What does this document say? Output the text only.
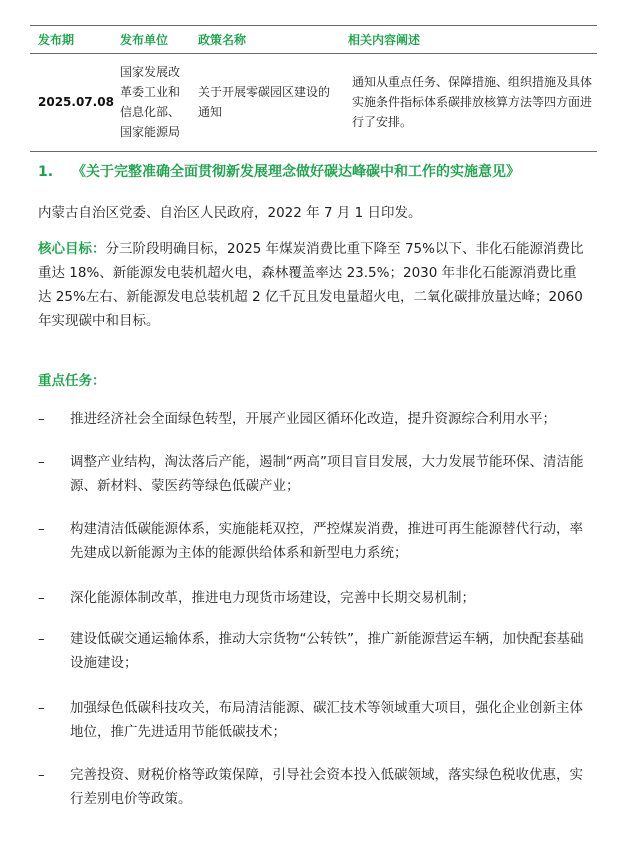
发布期	发布单位	政策名称	相关内容阐述
2025.07.08	国家发展改革委工业和信息化部、国家能源局	关于开展零碳园区建设的通知	通知从重点任务、保障措施、组织措施及具体实施条件指标体系碳排放核算方法等四方面进行了安排。
1. 《关于完整准确全面贯彻新发展理念做好碳达峰碳中和工作的实施意见》

内蒙古自治区党委、自治区人民政府，2022 年 7 月 1 日印发。

核心目标：分三阶段明确目标，2025 年煤炭消费比重下降至 75%以下、非化石能源消费比重达 18%、新能源发电装机超火电，森林覆盖率达 23.5%；2030 年非化石能源消费比重达 25%左右、新能源发电总装机超 2 亿千瓦且发电量超火电，二氧化碳排放量达峰；2060 年实现碳中和目标。

重点任务：

–	推进经济社会全面绿色转型，开展产业园区循环化改造，提升资源综合利用水平；

–	调整产业结构，淘汰落后产能，遏制“两高”项目盲目发展，大力发展节能环保、清洁能源、新材料、蒙医药等绿色低碳产业；

–	构建清洁低碳能源体系，实施能耗双控，严控煤炭消费，推进可再生能源替代行动，率先建成以新能源为主体的能源供给体系和新型电力系统；

–	深化能源体制改革，推进电力现货市场建设，完善中长期交易机制；

–	建设低碳交通运输体系，推动大宗货物“公转铁”，推广新能源营运车辆，加快配套基础设施建设；

–	加强绿色低碳科技攻关，布局清洁能源、碳汇技术等领域重大项目，强化企业创新主体地位，推广先进适用节能低碳技术；

–	完善投资、财税价格等政策保障，引导社会资本投入低碳领域，落实绿色税收优惠，实行差别电价等政策。
